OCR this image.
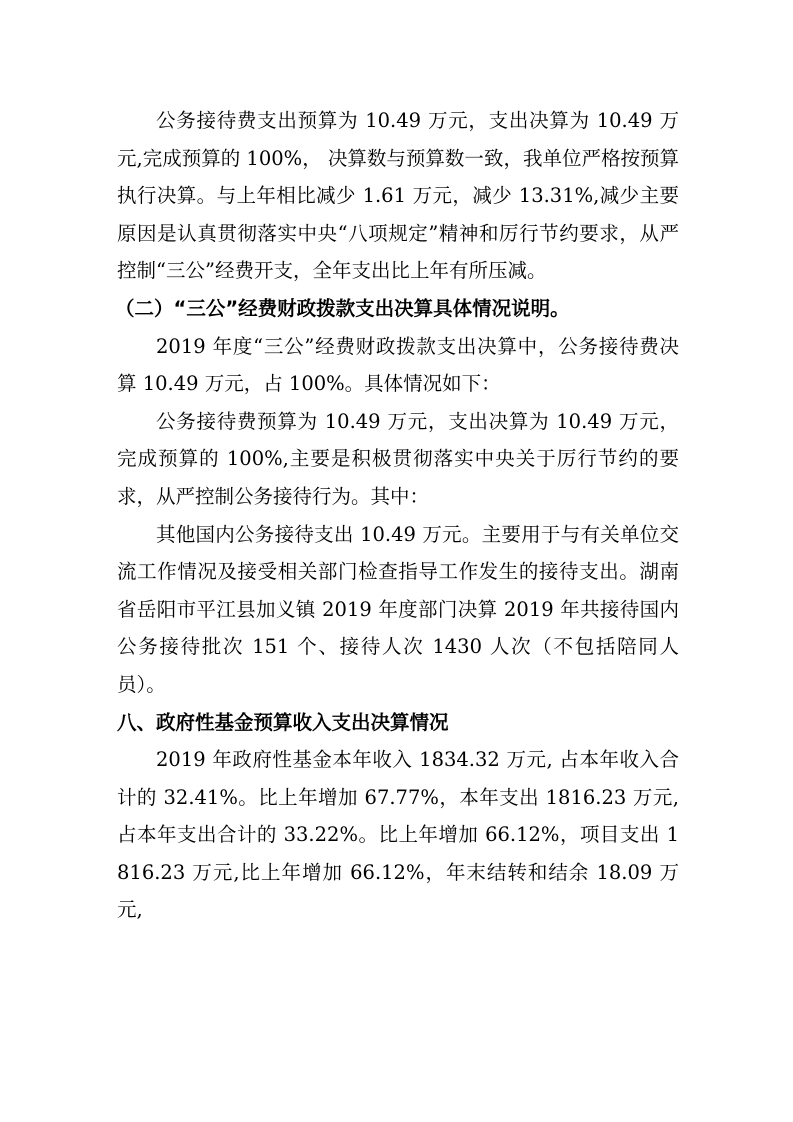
公务接待费支出预算为 10.49 万元，支出决算为 10.49 万元,完成预算的 100%， 决算数与预算数一致，我单位严格按预算执行决算。与上年相比减少 1.61 万元，减少 13.31%,减少主要原因是认真贯彻落实中央“八项规定”精神和厉行节约要求，从严控制“三公”经费开支，全年支出比上年有所压减。

（二）“三公”经费财政拨款支出决算具体情况说明。

2019 年度“三公”经费财政拨款支出决算中，公务接待费决算 10.49 万元，占 100%。具体情况如下：

公务接待费预算为 10.49 万元，支出决算为 10.49 万元，完成预算的 100%,主要是积极贯彻落实中央关于厉行节约的要求，从严控制公务接待行为。其中：

其他国内公务接待支出 10.49 万元。主要用于与有关单位交流工作情况及接受相关部门检查指导工作发生的接待支出。湖南省岳阳市平江县加义镇 2019 年度部门决算 2019 年共接待国内公务接待批次 151 个、接待人次 1430 人次（不包括陪同人员）。

八、政府性基金预算收入支出决算情况

2019 年政府性基金本年收入 1834.32 万元, 占本年收入合计的 32.41%。比上年增加 67.77%，本年支出 1816.23 万元,占本年支出合计的 33.22%。比上年增加 66.12%，项目支出 1816.23 万元,比上年增加 66.12%，年末结转和结余 18.09 万元,
